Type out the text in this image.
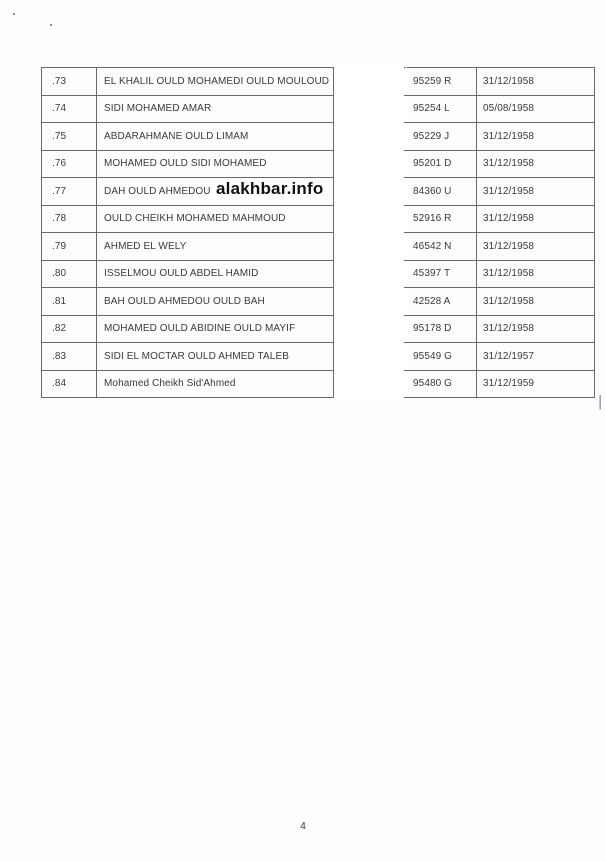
.73	EL KHALIL OULD MOHAMEDI OULD MOULOUD		95259 R	31/12/1958
.74	SIDI MOHAMED AMAR		95254 L	05/08/1958
.75	ABDARAHMANE OULD LIMAM		95229 J	31/12/1958
.76	MOHAMED OULD SIDI MOHAMED		95201 D	31/12/1958
.77	DAH OULD AHMEDOU		84360 U	31/12/1958
.78	OULD CHEIKH MOHAMED MAHMOUD		52916 R	31/12/1958
.79	AHMED EL WELY		46542 N	31/12/1958
.80	ISSELMOU OULD ABDEL HAMID		45397 T	31/12/1958
.81	BAH OULD AHMEDOU OULD BAH		42528 A	31/12/1958
.82	MOHAMED OULD ABIDINE OULD MAYIF		95178 D	31/12/1958
.83	SIDI EL MOCTAR OULD AHMED TALEB		95549 G	31/12/1957
.84	Mohamed Cheikh Sid'Ahmed		95480 G	31/12/1959
alakhbar.info
│
4
